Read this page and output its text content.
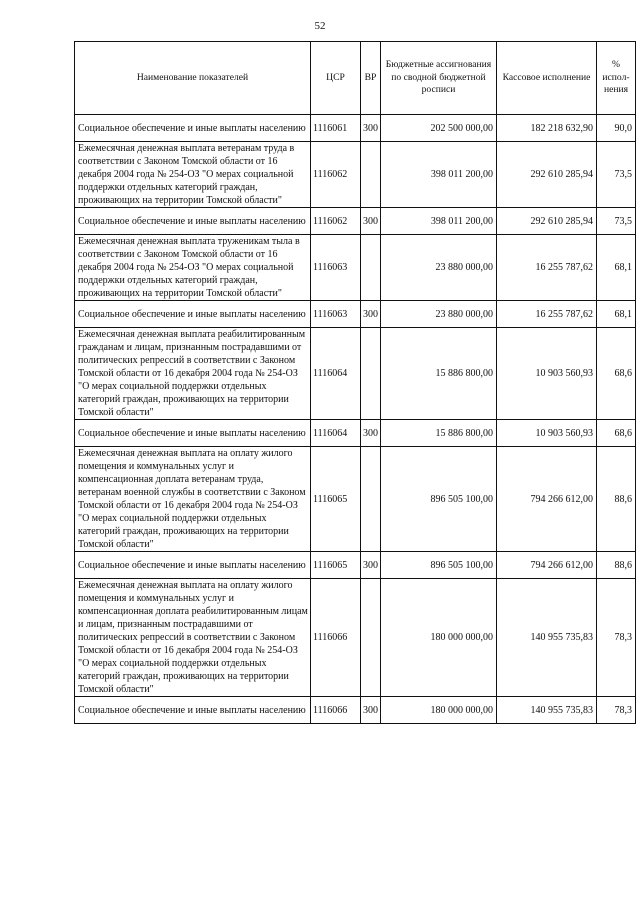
52
Наименование показателей	ЦСР	ВР	Бюджетные ассигнования по сводной бюджетной росписи	Кассовое исполнение	% испол-нения
Социальное обеспечение и иные выплаты населению	1116061	300	202 500 000,00	182 218 632,90	90,0
Ежемесячная денежная выплата ветеранам труда в соответствии с Законом Томской области от 16 декабря 2004 года № 254-ОЗ "О мерах социальной поддержки отдельных категорий граждан, проживающих на территории Томской области"	1116062		398 011 200,00	292 610 285,94	73,5
Социальное обеспечение и иные выплаты населению	1116062	300	398 011 200,00	292 610 285,94	73,5
Ежемесячная денежная выплата труженикам тыла в соответствии с Законом Томской области от 16 декабря 2004 года № 254-ОЗ "О мерах социальной поддержки отдельных категорий граждан, проживающих на территории Томской области"	1116063		23 880 000,00	16 255 787,62	68,1
Социальное обеспечение и иные выплаты населению	1116063	300	23 880 000,00	16 255 787,62	68,1
Ежемесячная денежная выплата реабилитированным гражданам и лицам, признанным пострадавшими от политических репрессий в соответствии с Законом Томской области от 16 декабря 2004 года № 254-ОЗ "О мерах социальной поддержки отдельных категорий граждан, проживающих на территории Томской области"	1116064		15 886 800,00	10 903 560,93	68,6
Социальное обеспечение и иные выплаты населению	1116064	300	15 886 800,00	10 903 560,93	68,6
Ежемесячная денежная выплата на оплату жилого помещения и коммунальных услуг и компенсационная доплата ветеранам труда, ветеранам военной службы в соответствии с Законом Томской области от 16 декабря 2004 года № 254-ОЗ "О мерах социальной поддержки отдельных категорий граждан, проживающих на территории Томской области"	1116065		896 505 100,00	794 266 612,00	88,6
Социальное обеспечение и иные выплаты населению	1116065	300	896 505 100,00	794 266 612,00	88,6
Ежемесячная денежная выплата на оплату жилого помещения и коммунальных услуг и компенсационная доплата реабилитированным лицам и лицам, признанным пострадавшими от политических репрессий в соответствии с Законом Томской области от 16 декабря 2004 года № 254-ОЗ "О мерах социальной поддержки отдельных категорий граждан, проживающих на территории Томской области"	1116066		180 000 000,00	140 955 735,83	78,3
Социальное обеспечение и иные выплаты населению	1116066	300	180 000 000,00	140 955 735,83	78,3
